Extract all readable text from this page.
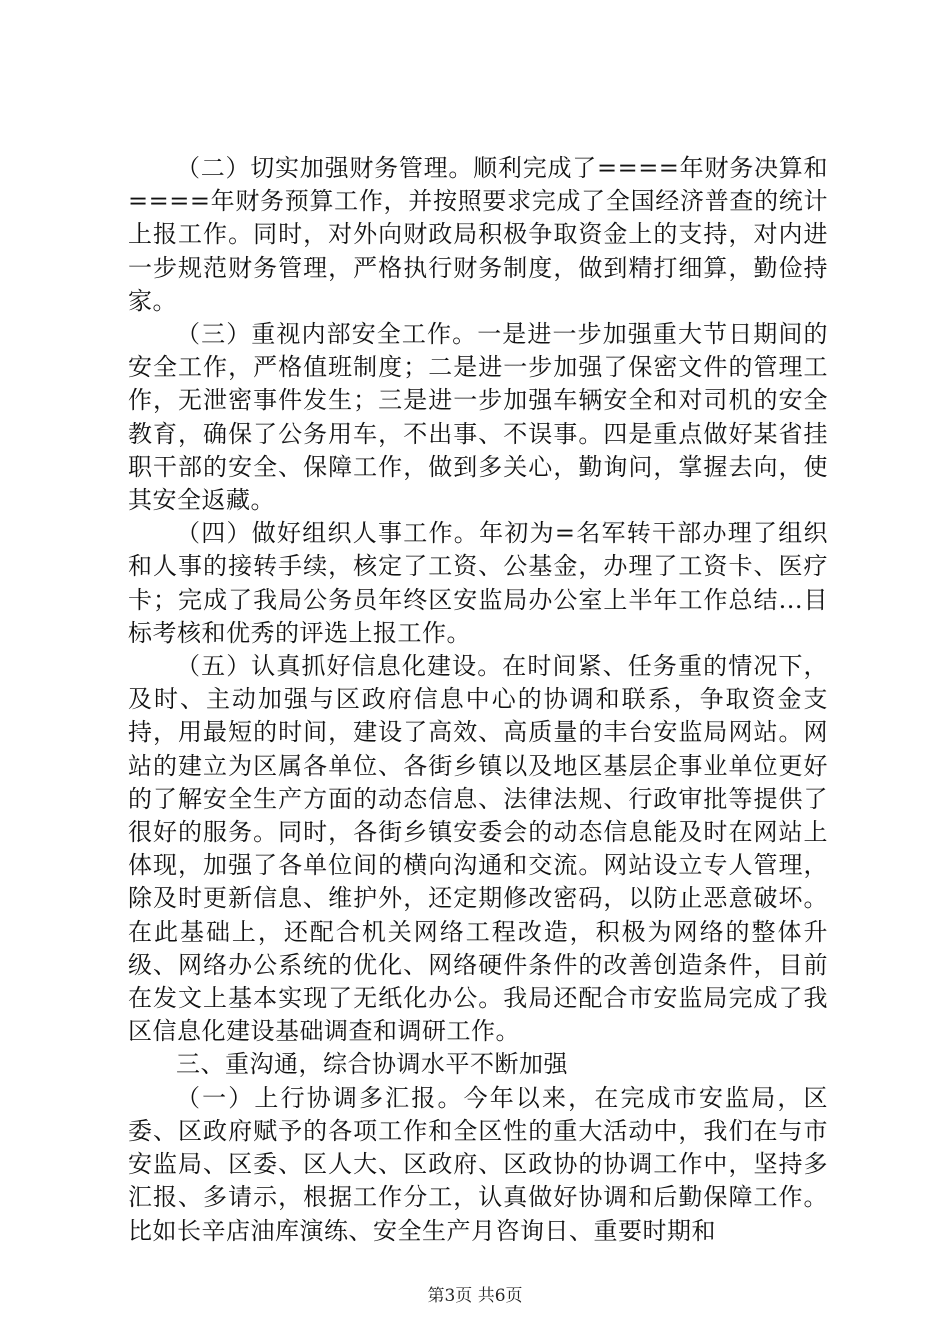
（二）切实加强财务管理。顺利完成了====年财务决算和====年财务预算工作，并按照要求完成了全国经济普查的统计上报工作。同时，对外向财政局积极争取资金上的支持，对内进一步规范财务管理，严格执行财务制度，做到精打细算，勤俭持家。

（三）重视内部安全工作。一是进一步加强重大节日期间的安全工作，严格值班制度；二是进一步加强了保密文件的管理工作，无泄密事件发生；三是进一步加强车辆安全和对司机的安全教育，确保了公务用车，不出事、不误事。四是重点做好某省挂职干部的安全、保障工作，做到多关心，勤询问，掌握去向，使其安全返藏。

（四）做好组织人事工作。年初为=名军转干部办理了组织和人事的接转手续，核定了工资、公基金，办理了工资卡、医疗卡；完成了我局公务员年终区安监局办公室上半年工作总结...目标考核和优秀的评选上报工作。

（五）认真抓好信息化建设。在时间紧、任务重的情况下，及时、主动加强与区政府信息中心的协调和联系，争取资金支持，用最短的时间，建设了高效、高质量的丰台安监局网站。网站的建立为区属各单位、各街乡镇以及地区基层企事业单位更好的了解安全生产方面的动态信息、法律法规、行政审批等提供了很好的服务。同时，各街乡镇安委会的动态信息能及时在网站上体现，加强了各单位间的横向沟通和交流。网站设立专人管理，除及时更新信息、维护外，还定期修改密码，以防止恶意破坏。在此基础上，还配合机关网络工程改造，积极为网络的整体升级、网络办公系统的优化、网络硬件条件的改善创造条件，目前在发文上基本实现了无纸化办公。我局还配合市安监局完成了我区信息化建设基础调查和调研工作。

三、重沟通，综合协调水平不断加强

（一）上行协调多汇报。今年以来，在完成市安监局，区委、区政府赋予的各项工作和全区性的重大活动中，我们在与市安监局、区委、区人大、区政府、区政协的协调工作中，坚持多汇报、多请示，根据工作分工，认真做好协调和后勤保障工作。比如长辛店油库演练、安全生产月咨询日、重要时期和

第3页 共6页
